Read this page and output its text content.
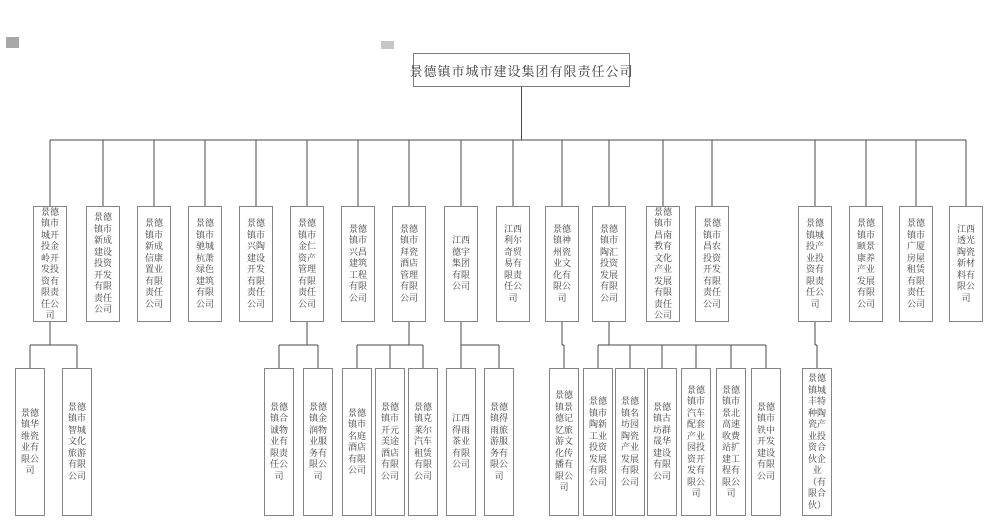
景德镇市城市建设集团有限责任公司
景德镇市城开投金岭开发投资有限责任公司
景德镇华维瓷业有限公司
景德镇市智城文化旅游有限公司
景德镇市新成建设投资开发有限责任公司
景德镇市新成信康置业有限责任公司
景德镇市驰城杭萧绿色建筑有限公司
景德镇市兴陶建设开发有限责任公司
景德镇市金仁资产管理有限责任公司
景德镇合诚物业有限责任公司
景德镇金润物业服务有限公司
景德镇市兴昌建筑工程有限公司
景德镇市拜瓷酒店管理有限公司
景德镇市名庭酒店有限公司
景德镇市开元美途酒店有限公司
景德镇克莱尔汽车租赁有限公司
江西德宇集团有限公司
江西得雨茶业有限公司
景德镇得雨旅游服务有限公司
江西利尔奇贸易有限责任公司
景德镇神州瓷业文化有限公司
景德镇景德记忆旅游文化传播有限公司
景德镇市陶汇投资发展有限公司
景德镇市陶新工业投资发展有限公司
景德镇名坊园陶瓷产业发展有限公司
景德镇古坊群晟华建设有限公司
景德镇市汽车配套产业园投资开发有限公司
景德镇市景北高速收费站扩建工程有限公司
景德镇市铁中开发建设有限公司
景德镇市昌南教育文化产业发展有限责任公司
景德镇市昌农投资开发有限责任公司
景德镇城投产业投资有限责任公司
景德镇城丰特种陶瓷产业投资合伙企业（有限合伙）
景德镇市颐景康养产业发展有限公司
景德镇市广厦房屋租赁有限责任公司
江西透光陶瓷新材料有限公司
